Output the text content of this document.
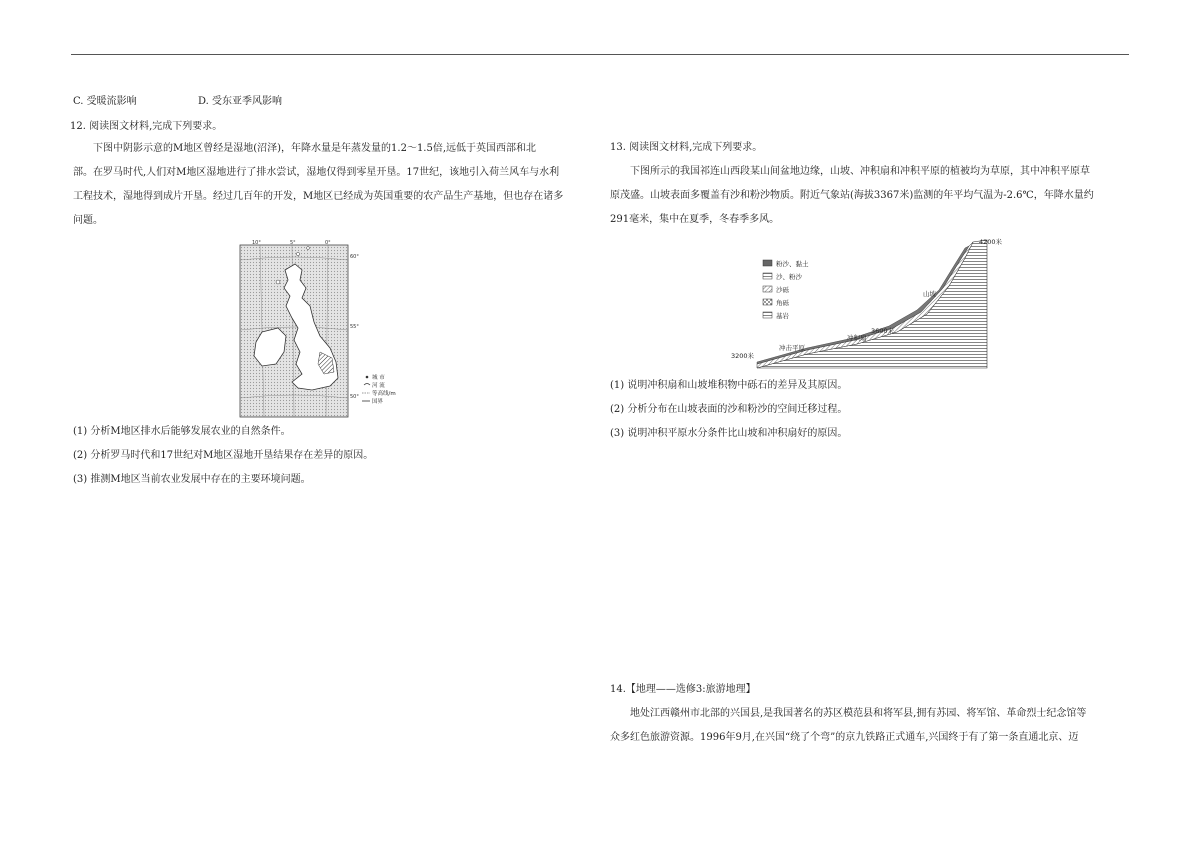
C. 受暖流影响	D. 受东亚季风影响
12. 阅读图文材料,完成下列要求。
下图中阴影示意的M地区曾经是湿地(沼泽)，年降水量是年蒸发量的1.2～1.5倍,远低于英国西部和北
部。在罗马时代,人们对M地区湿地进行了排水尝试，湿地仅得到零星开垦。17世纪，该地引入荷兰风车与水利
工程技术，湿地得到成片开垦。经过几百年的开发，M地区已经成为英国重要的农产品生产基地，但也存在诸多
问题。
(1) 分析M地区排水后能够发展农业的自然条件。
(2) 分析罗马时代和17世纪对M地区湿地开垦结果存在差异的原因。
(3) 推测M地区当前农业发展中存在的主要环境问题。
10°	5°	0°
60°
55°
50°
城 市
河 流
等高线/m
国界
13. 阅读图文材料,完成下列要求。
下图所示的我国祁连山西段某山间盆地边缘，山坡、冲积扇和冲积平原的植被均为草原，其中冲积平原草
原茂盛。山坡表面多覆盖有沙和粉沙物质。附近气象站(海拔3367米)监测的年平均气温为-2.6℃，年降水量约
291毫米，集中在夏季，冬春季多风。
(1) 说明冲积扇和山坡堆积物中砾石的差异及其原因。
(2) 分析分布在山坡表面的沙和粉沙的空间迁移过程。
(3) 说明冲积平原水分条件比山坡和冲积扇好的原因。
粉沙、黏土
沙、粉沙
沙砾
角砾
基岩
4200米
山坡
冲积扇
3600米
冲击平原
3200米
14.【地理——选修3:旅游地理】
地处江西赣州市北部的兴国县,是我国著名的苏区模范县和将军县,拥有苏园、将军馆、革命烈士纪念馆等
众多红色旅游资源。1996年9月,在兴国“绕了个弯”的京九铁路正式通车,兴国终于有了第一条直通北京、迈
